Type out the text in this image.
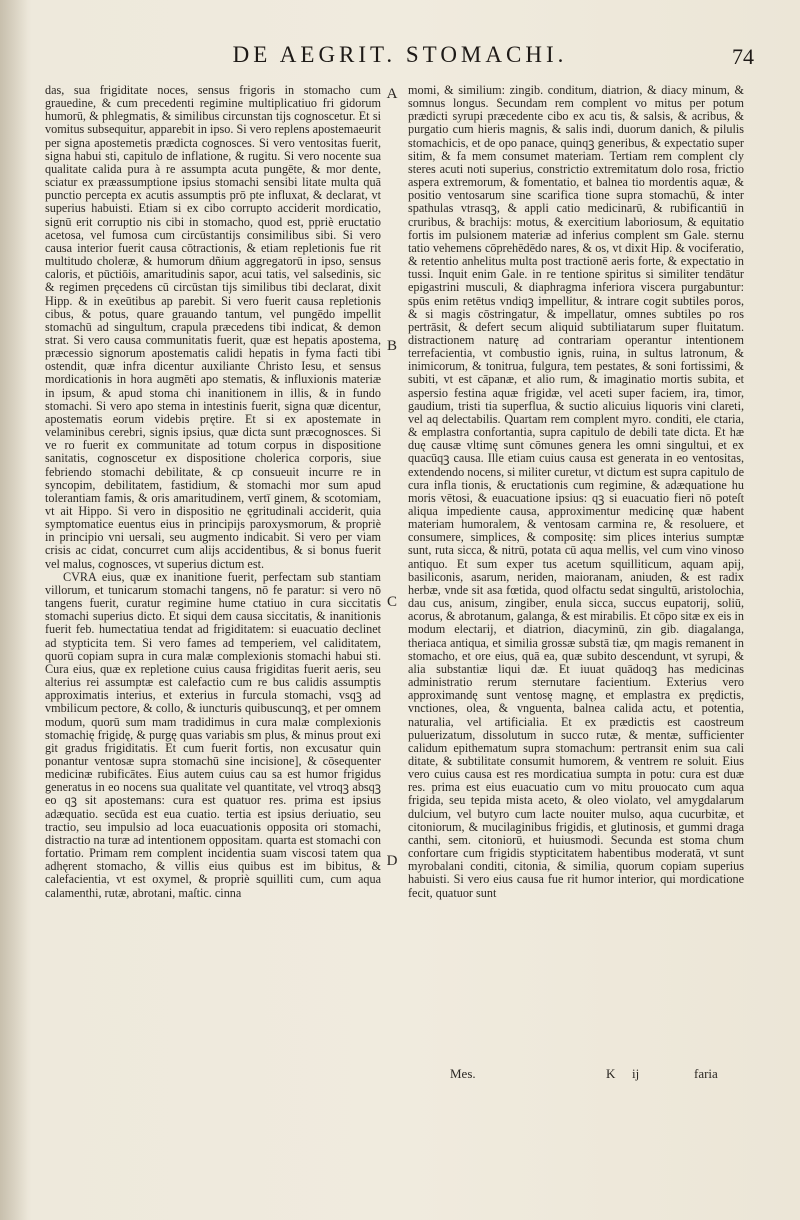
DE AEGRIT. STOMACHI.	74

das, sua frigiditate noces, sensus frigoris in stomacho cum grauedine, & cum precedenti regimine multiplicatiuo fri gidorum humorū, & phlegmatis, & similibus circunstan tijs cognoscetur. Et si vomitus subsequitur, apparebit in ipso. Si vero replens apostemaeurit per signa apostemetis prædicta cognosces. Si vero ventositas fuerit, signa habui sti, capitulo de inflatione, & rugitu. Si vero nocente sua qualitate calida pura à re assumpta acuta pungēte, & mor dente, sciatur ex præassumptione ipsius stomachi sensibi litate multa quā punctio percepta ex acutis assumptis prō pte influxat, & declarat, vt superius habuisti. Etiam si ex cibo corrupto acciderit mordicatio, signū erit corruptio nis cibi in stomacho, quod est, ppriè eructatio acetosa, vel fumosa cum circūstantijs consimilibus sibi. Si vero causa interior fuerit causa cōtractionis, & etiam repletionis fue rit multitudo choleræ, & humorum dñium aggregatorū in ipso, sensus caloris, et pūctiōis, amaritudinis sapor, acui tatis, vel salsedinis, sic & regimen pręcedens cū circūstan tijs similibus tibi declarat, dixit Hipp. & in exeūtibus ap parebit. Si vero fuerit causa repletionis cibus, & potus, quare grauando tantum, vel pungēdo impellit stomachū ad singultum, crapula præcedens tibi indicat, & demon strat. Si vero causa communitatis fuerit, quæ est hepatis apostema, præcessio signorum apostematis calidi hepatis in fyma facti tibi ostendit, quæ infra dicentur auxiliante Christo Iesu, et sensus mordicationis in hora augmēti apo stematis, & influxionis materiæ in ipsum, & apud stoma chi inanitionem in illis, & in fundo stomachi. Si vero apo stema in intestinis fuerit, signa quæ dicentur, apostematis eorum videbis prętire. Et si ex apostemate in velaminibus cerebri, signis ipsius, quæ dicta sunt præcognosces. Si ve ro fuerit ex communitate ad totum corpus in dispositione sanitatis, cognoscetur ex dispositione cholerica corporis, siue febriendo stomachi debilitate, & cp consueuit incurre re in syncopim, debilitatem, fastidium, & stomachi mor sum apud tolerantiam famis, & oris amaritudinem, vertī ginem, & scotomiam, vt ait Hippo. Si vero in dispositio ne ęgritudinali acciderit, quia symptomatice euentus eius in principijs paroxysmorum, & propriè in principio vni uersali, seu augmento indicabit. Si vero per viam crisis ac cidat, concurret cum alijs accidentibus, & si bonus fuerit vel malus, cognosces, vt superius dictum est.

CVRA eius, quæ ex inanitione fuerit, perfectam sub stantiam villorum, et tunicarum stomachi tangens, nō fe paratur: si vero nō tangens fuerit, curatur regimine hume ctatiuo in cura siccitatis stomachi superius dicto. Et siqui dem causa siccitatis, & inanitionis fuerit feb. humectatiua tendat ad frigiditatem: si euacuatio declinet ad stypticita tem. Si vero fames ad temperiem, vel caliditatem, quorū copiam supra in cura malæ complexionis stomachi habui sti. Cura eius, quæ ex repletione cuius causa frigiditas fuerit aeris, seu alterius rei assumptæ est calefactio cum re bus calidis assumptis approximatis interius, et exterius in furcula stomachi, vsqꝫ ad vmbilicum pectore, & collo, & iuncturis quibuscunqꝫ, et per omnem modum, quorū sum mam tradidimus in cura malæ complexionis stomachię frigidę, & purgę quas variabis sm plus, & minus prout exi git gradus frigiditatis. Et cum fuerit fortis, non excusatur quin ponantur ventosæ supra stomachū sine incisione], & cōsequenter medicinæ rubificātes. Eius autem cuius cau sa est humor frigidus generatus in eo nocens sua qualitate vel quantitate, vel vtroqꝫ absqꝫ eo qꝫ sit apostemans: cura est quatuor res. prima est ipsius adæquatio. secūda est eua cuatio. tertia est ipsius deriuatio, seu tractio, seu impulsio ad loca euacuationis opposita ori stomachi, distractio na turæ ad intentionem oppositam. quarta est stomachi con fortatio. Primam rem complent incidentia suam viscosi tatem qua adhęrent stomacho, & villis eius quibus est im bibitus, & calefacientia, vt est oxymel, & propriè squilliti cum, cum aqua calamenthi, rutæ, abrotani, maſtic. cinna

A
B
C
D

momi, & similium: zingib. conditum, diatrion, & diacy minum, & somnus longus. Secundam rem complent vo mitus per potum prædicti syrupi præcedente cibo ex acu tis, & salsis, & acribus, & purgatio cum hieris magnis, & salis indi, duorum danich, & pilulis stomachicis, et de opo panace, quinqꝫ generibus, & expectatio super sitim, & fa mem consumet materiam. Tertiam rem complent cly steres acuti noti superius, constrictio extremitatum dolo rosa, frictio aspera extremorum, & fomentatio, et balnea tio mordentis aquæ, & positio ventosarum sine scarifica tione supra stomachū, & inter spathulas vtrasqꝫ, & appli catio medicinarū, & rubificantiū in cruribus, & brachijs: motus, & exercitium laboriosum, & equitatio fortis im pulsionem materiæ ad inferius complent sm Gale. sternu tatio vehemens cōprehēdēdo nares, & os, vt dixit Hip. & vociferatio, & retentio anhelitus multa post tractionē aeris forte, & expectatio in tussi. Inquit enim Gale. in re tentione spiritus si similiter tendātur epigastrini musculi, & diaphragma inferiora viscera purgabuntur: spūs enim retētus vndiqꝫ impellitur, & intrare cogit subtiles poros, & si magis cōstringatur, & impellatur, omnes subtiles po ros pertrāsit, & defert secum aliquid subtiliatarum super fluitatum. distractionem naturę ad contrariam operantur intentionem terrefacientia, vt combustio ignis, ruina, in sultus latronum, & inimicorum, & tonitrua, fulgura, tem pestates, & soni fortissimi, & subiti, vt est cāpanæ, et alio rum, & imaginatio mortis subita, et aspersio festina aquæ frigidæ, vel aceti super faciem, ira, timor, gaudium, tristi tia superflua, & suctio alicuius liquoris vini clareti, vel aq delectabilis. Quartam rem complent myro. conditi, ele ctaria, & emplastra confortantia, supra capitulo de debili tate dicta. Et hæ duę causæ vltimę sunt cōmunes genera les omni singultui, et ex quacūqꝫ causa. Ille etiam cuius causa est generata in eo ventositas, extendendo nocens, si militer curetur, vt dictum est supra capitulo de cura infla tionis, & eructationis cum regimine, & adæquatione hu moris vētosi, & euacuatione ipsius: qꝫ si euacuatio fieri nō poteſt aliqua impediente causa, approximentur medicinę quæ habent materiam humoralem, & ventosam carmina re, & resoluere, et consumere, simplices, & compositę: sim plices interius sumptæ sunt, ruta sicca, & nitrū, potata cū aqua mellis, vel cum vino vinoso antiquo. Et sum exper tus acetum squilliticum, aquam apij, basiliconis, asarum, neriden, maioranam, aniuden, & est radix herbæ, vnde sit asa fœtida, quod olfactu sedat singultū, aristolochia, dau cus, anisum, zingiber, enula sicca, succus eupatorij, soliū, acorus, & abrotanum, galanga, & est mirabilis. Et cōpo sitæ ex eis in modum electarij, et diatrion, diacyminū, zin gib. diagalanga, theriaca antiqua, et similia grossæ substā tiæ, qm magis remanent in stomacho, et ore eius, quā ea, quæ subito descendunt, vt syrupi, & alia substantiæ liqui dæ. Et iuuat quādoqꝫ has medicinas administratio rerum sternutare facientium. Exterius vero approximandę sunt ventosę magnę, et emplastra ex prędictis, vnctiones, olea, & vnguenta, balnea calida actu, et potentia, naturalia, vel artificialia. Et ex prædictis est caostreum puluerizatum, dissolutum in succo rutæ, & mentæ, sufficienter calidum epithematum supra stomachum: pertransit enim sua cali ditate, & subtilitate consumit humorem, & ventrem re soluit. Eius vero cuius causa est res mordicatiua sumpta in potu: cura est duæ res. prima est eius euacuatio cum vo mitu prouocato cum aqua frigida, seu tepida mista aceto, & oleo violato, vel amygdalarum dulcium, vel butyro cum lacte nouiter mulso, aqua cucurbitæ, et citoniorum, & mucilaginibus frigidis, et glutinosis, et gummi draga canthi, sem. citoniorū, et huiusmodi. Secunda est stoma chum confortare cum frigidis stypticitatem habentibus moderatā, vt sunt myrobalani conditi, citonia, & similia, quorum copiam superius habuisti. Si vero eius causa fue rit humor interior, qui mordicatione fecit, quatuor sunt

Mes.	K ij	faria
